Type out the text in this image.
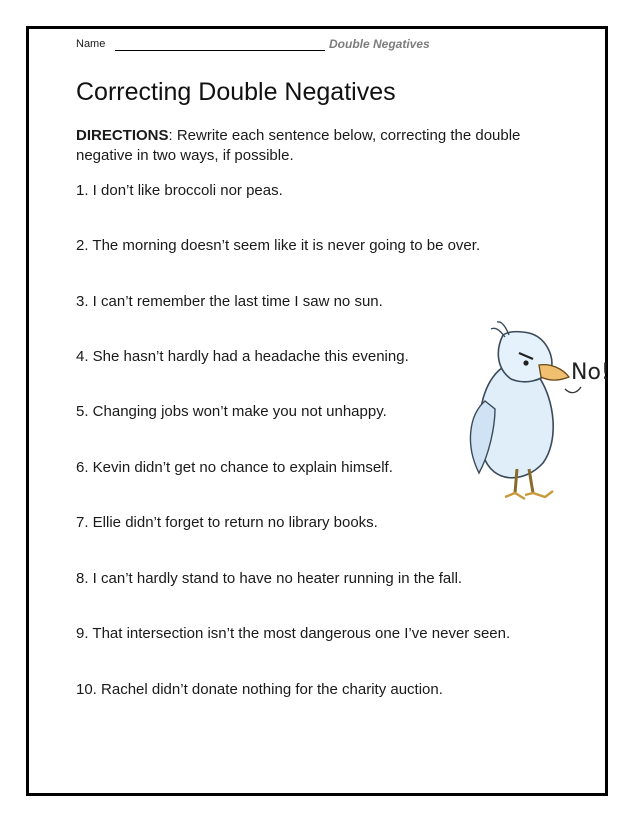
Name	Double Negatives
Correcting Double Negatives
DIRECTIONS: Rewrite each sentence below, correcting the double negative in two ways, if possible.
1. I don’t like broccoli nor peas.
2. The morning doesn’t seem like it is never going to be over.
3. I can’t remember the last time I saw no sun.
4. She hasn’t hardly had a headache this evening.
5. Changing jobs won’t make you not unhappy.
6. Kevin didn’t get no chance to explain himself.
7. Ellie didn’t forget to return no library books.
8. I can’t hardly stand to have no heater running in the fall.
9. That intersection isn’t the most dangerous one I’ve never seen.
10. Rachel didn’t donate nothing for the charity auction.
No!
